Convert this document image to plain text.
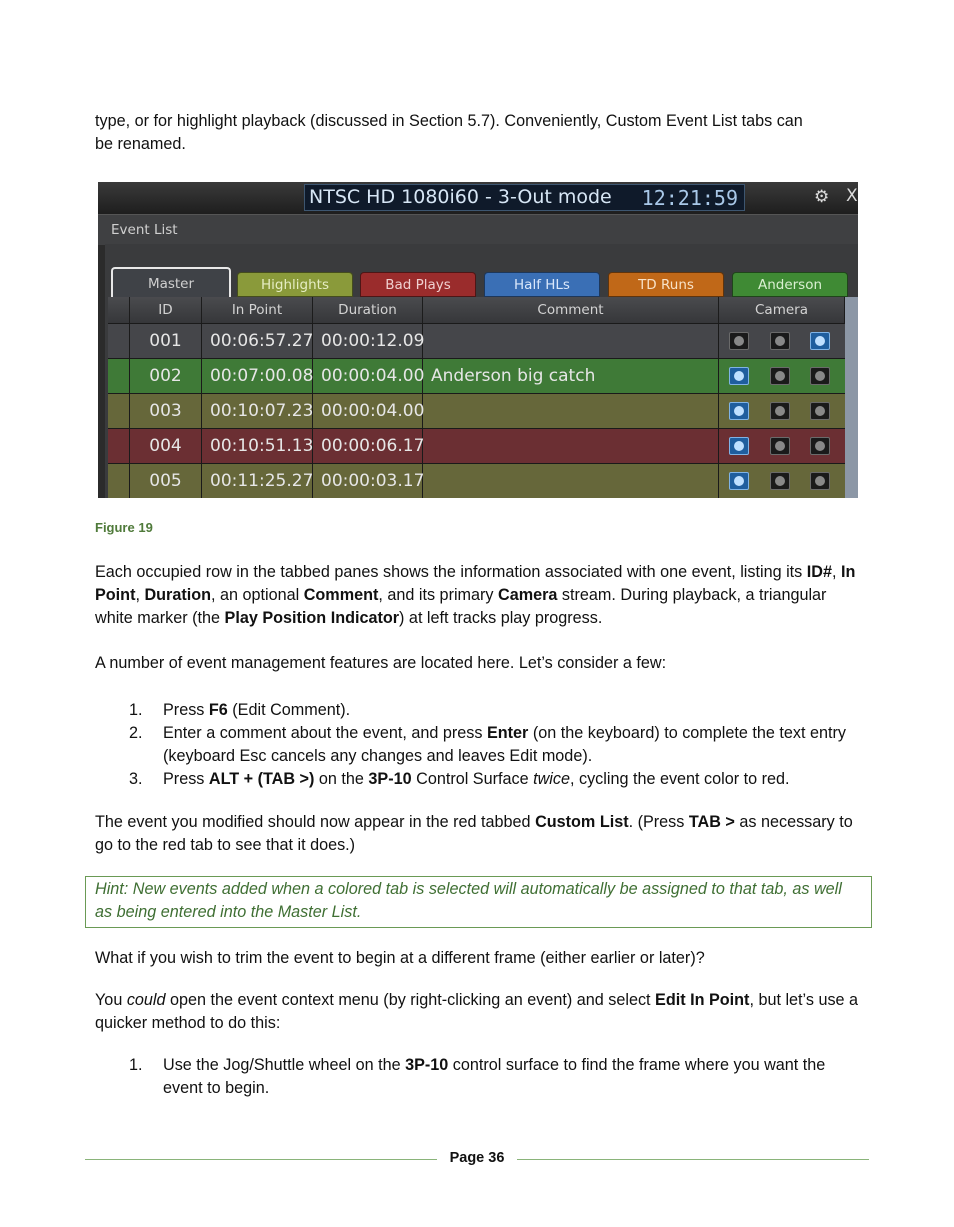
type, or for highlight playback (discussed in Section 5.7). Conveniently, Custom Event List tabs can
be renamed.

NTSC HD 1080i60 - 3-Out mode 12:21:59	⚙ X
Event List
Master	Highlights	Bad Plays	Half HLs	TD Runs	Anderson
ID	In Point	Duration	Comment	Camera
001	00:06:57.27 00:00:12.09
002	00:07:00.08 00:00:04.00 Anderson big catch
003	00:10:07.23 00:00:04.00
004	00:10:51.13 00:00:06.17
005	00:11:25.27 00:00:03.17
Figure 19

Each occupied row in the tabbed panes shows the information associated with one event, listing its ID#, In Point, Duration, an optional Comment, and its primary Camera stream. During playback, a triangular white marker (the Play Position Indicator) at left tracks play progress.

A number of event management features are located here. Let’s consider a few:

1. Press F6 (Edit Comment).
2. Enter a comment about the event, and press Enter (on the keyboard) to complete the text entry (keyboard Esc cancels any changes and leaves Edit mode).
3. Press ALT + (TAB >) on the 3P-10 Control Surface twice, cycling the event color to red.

The event you modified should now appear in the red tabbed Custom List. (Press TAB > as necessary to go to the red tab to see that it does.)

Hint: New events added when a colored tab is selected will automatically be assigned to that tab, as well as being entered into the Master List.

What if you wish to trim the event to begin at a different frame (either earlier or later)?

You could open the event context menu (by right-clicking an event) and select Edit In Point, but let’s use a quicker method to do this:

1. Use the Jog/Shuttle wheel on the 3P-10 control surface to find the frame where you want the event to begin.
Page 36
